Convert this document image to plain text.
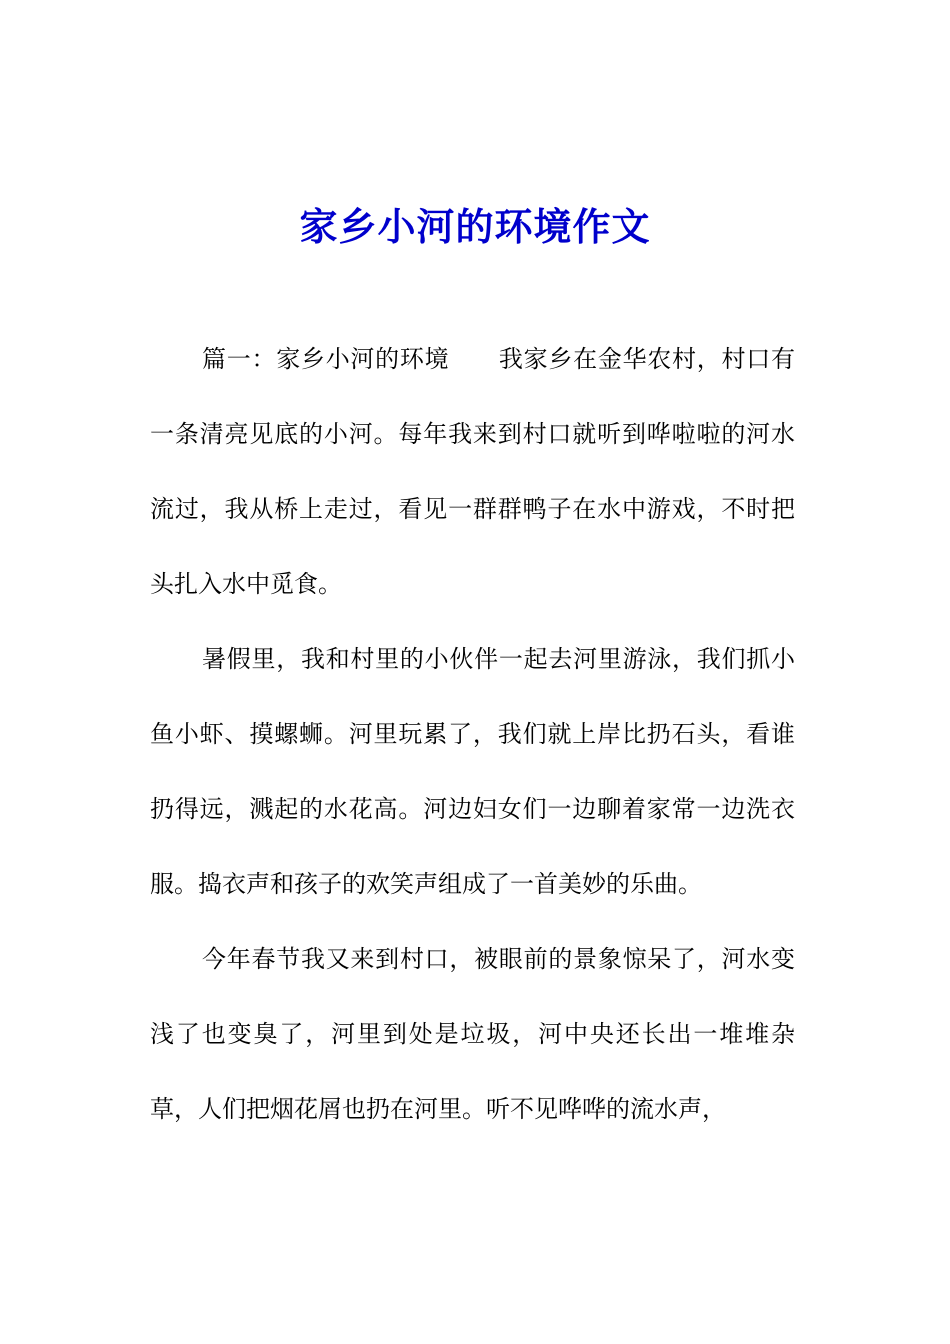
家乡小河的环境作文

篇一：家乡小河的环境　　我家乡在金华农村，村口有一条清亮见底的小河。每年我来到村口就听到哗啦啦的河水流过，我从桥上走过，看见一群群鸭子在水中游戏，不时把头扎入水中觅食。

暑假里，我和村里的小伙伴一起去河里游泳，我们抓小鱼小虾、摸螺蛳。河里玩累了，我们就上岸比扔石头，看谁扔得远，溅起的水花高。河边妇女们一边聊着家常一边洗衣服。捣衣声和孩子的欢笑声组成了一首美妙的乐曲。

今年春节我又来到村口，被眼前的景象惊呆了，河水变浅了也变臭了，河里到处是垃圾，河中央还长出一堆堆杂草，人们把烟花屑也扔在河里。听不见哗哗的流水声，
